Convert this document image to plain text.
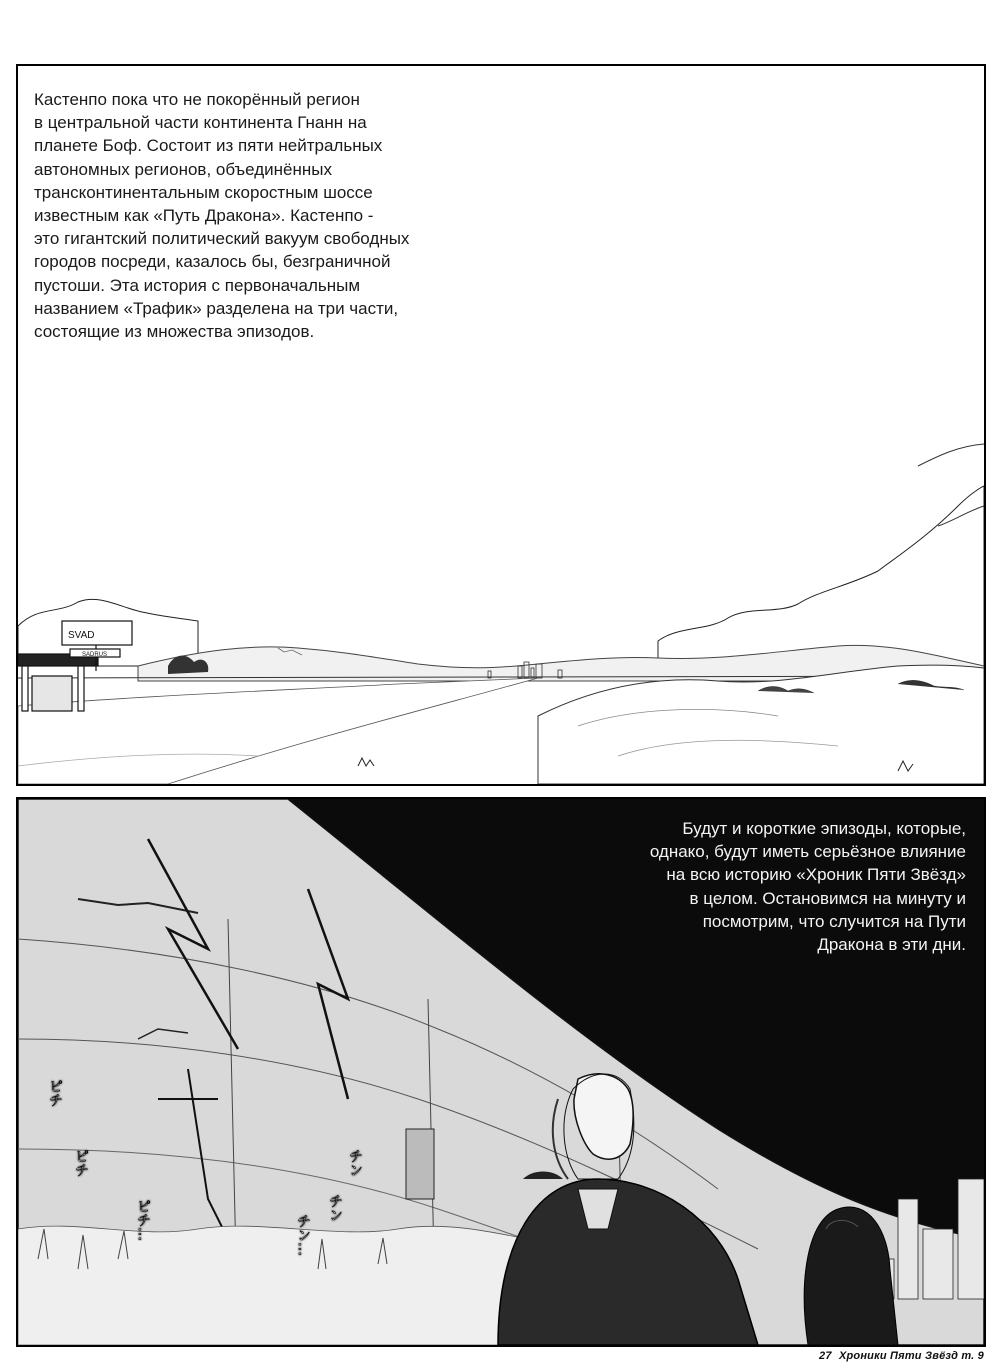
SVAD
SADRUS

Кастенпо пока что не покорённый регион
в центральной части континента Гнанн на
планете Боф. Состоит из пяти нейтральных
автономных регионов, объединённых
трансконтинентальным скоростным шоссе
известным как «Путь Дракона». Кастенпо -
это гигантский политический вакуум свободных
городов посреди, казалось бы, безграничной
пустоши. Эта история с первоначальным
названием «Трафик» разделена на три части,
состоящие из множества эпизодов.

Будут и короткие эпизоды, которые,
однако, будут иметь серьёзное влияние
на всю историю «Хроник Пяти Звёзд»
в целом. Остановимся на минуту и
посмотрим, что случится на Пути
Дракона в эти дни.

ピチ
ピチ
ピチ…
チン
チン
チン…
27 Хроники Пяти Звёзд т. 9
